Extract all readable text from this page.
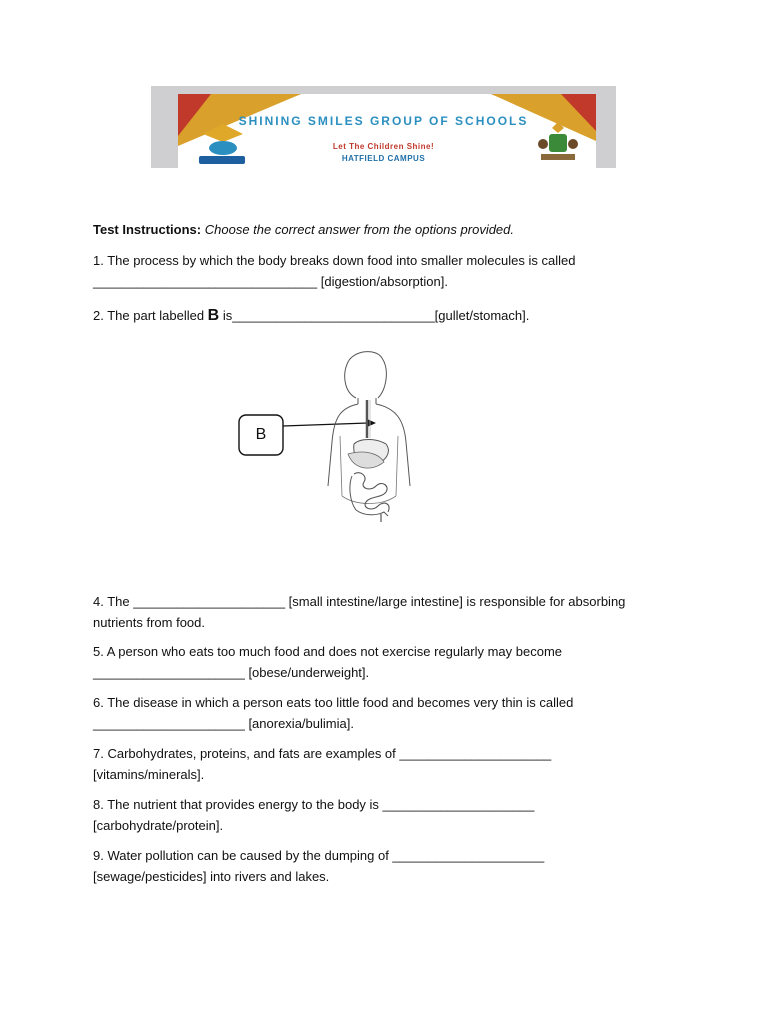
SHINING SMILES GROUP OF SCHOOLS
Let The Children Shine!
HATFIELD CAMPUS
Test Instructions: Choose the correct answer from the options provided.
1. The process by which the body breaks down food into smaller molecules is called
_______________________________ [digestion/absorption].
2. The part labelled B is____________________________[gullet/stomach].
B
4. The _____________________ [small intestine/large intestine] is responsible for absorbing
nutrients from food.
5. A person who eats too much food and does not exercise regularly may become
_____________________ [obese/underweight].
6. The disease in which a person eats too little food and becomes very thin is called
_____________________ [anorexia/bulimia].
7. Carbohydrates, proteins, and fats are examples of _____________________
[vitamins/minerals].
8. The nutrient that provides energy to the body is _____________________
[carbohydrate/protein].
9. Water pollution can be caused by the dumping of _____________________
[sewage/pesticides] into rivers and lakes.
